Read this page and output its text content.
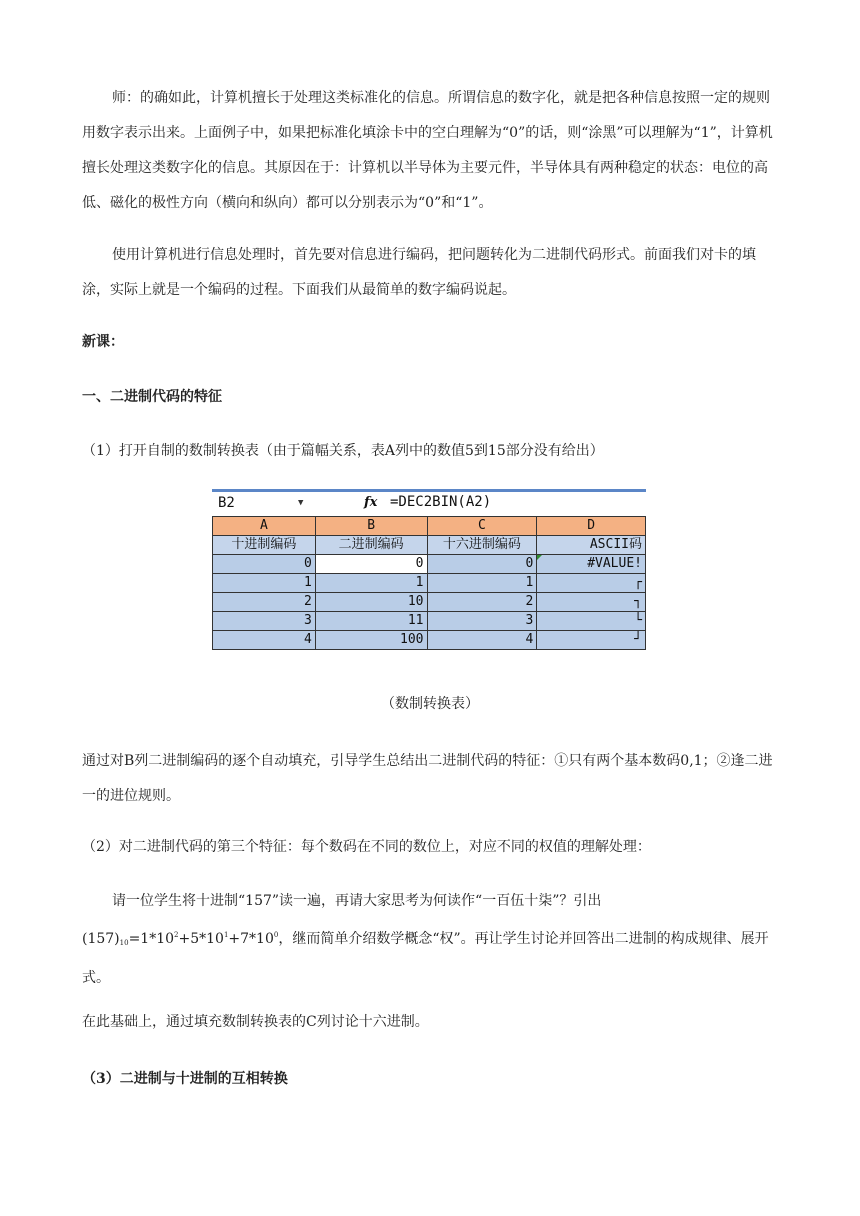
师：的确如此，计算机擅长于处理这类标准化的信息。所谓信息的数字化，就是把各种信息按照一定的规则用数字表示出来。上面例子中，如果把标准化填涂卡中的空白理解为“0”的话，则“涂黑”可以理解为“1”，计算机擅长处理这类数字化的信息。其原因在于：计算机以半导体为主要元件，半导体具有两种稳定的状态：电位的高低、磁化的极性方向（横向和纵向）都可以分别表示为“0”和“1”。

使用计算机进行信息处理时，首先要对信息进行编码，把问题转化为二进制代码形式。前面我们对卡的填涂，实际上就是一个编码的过程。下面我们从最简单的数字编码说起。

新课：

一、二进制代码的特征

（1）打开自制的数制转换表（由于篇幅关系，表A列中的数值5到15部分没有给出）

B2	▼	fx =DEC2BIN(A2)
A	B	C	D
十进制编码	二进制编码	十六进制编码	ASCII码
0	0	0	#VALUE!
1	1	1	┌
2	10	2	┐
3	11	3	└
4	100	4	┘
（数制转换表）

通过对B列二进制编码的逐个自动填充，引导学生总结出二进制代码的特征：①只有两个基本数码0,1；②逢二进一的进位规则。

（2）对二进制代码的第三个特征：每个数码在不同的数位上，对应不同的权值的理解处理：

请一位学生将十进制“157”读一遍，再请大家思考为何读作“一百伍十柒”？引出

$(157)_{10}=1*10^2+5*10^1+7*10^0$，继而简单介绍数学概念“权”。再让学生讨论并回答出二进制的构成规律、展开式。

在此基础上，通过填充数制转换表的C列讨论十六进制。

（3）二进制与十进制的互相转换
